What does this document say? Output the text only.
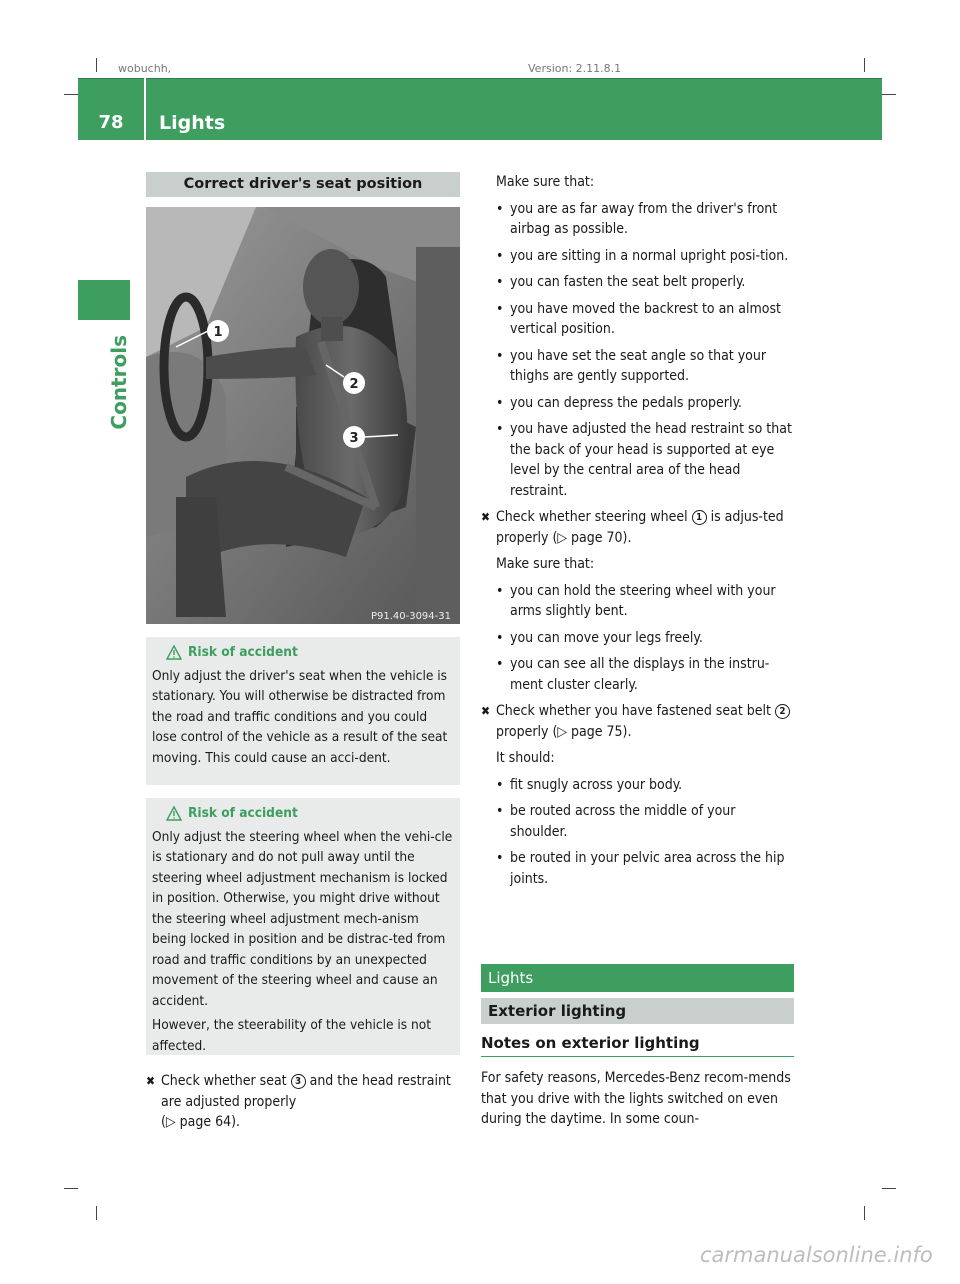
wobuchh,	Version: 2.11.8.1
78	Lights
Controls
Correct driver's seat position
1
2
3
P91.40-3094-31
Risk of accident

Only adjust the driver's seat when the vehicle is stationary. You will otherwise be distracted from the road and traffic conditions and you could lose control of the vehicle as a result of the seat moving. This could cause an acci-dent.

Risk of accident

Only adjust the steering wheel when the vehi-cle is stationary and do not pull away until the steering wheel adjustment mechanism is locked in position. Otherwise, you might drive without the steering wheel adjustment mech-anism being locked in position and be distrac-ted from road and traffic conditions by an unexpected movement of the steering wheel and cause an accident.

However, the steerability of the vehicle is not affected.

✖ Check whether seat 3 and the head restraint are adjusted properly
(▷ page 64).
Make sure that:
• you are as far away from the driver's front airbag as possible.
• you are sitting in a normal upright posi-tion.
• you can fasten the seat belt properly.
• you have moved the backrest to an almost vertical position.
• you have set the seat angle so that your thighs are gently supported.
• you can depress the pedals properly.
• you have adjusted the head restraint so that the back of your head is supported at eye level by the central area of the head restraint.
✖ Check whether steering wheel 1 is adjus-ted properly (▷ page 70).
Make sure that:
• you can hold the steering wheel with your arms slightly bent.
• you can move your legs freely.
• you can see all the displays in the instru-ment cluster clearly.
✖ Check whether you have fastened seat belt 2 properly (▷ page 75).
It should:
• fit snugly across your body.
• be routed across the middle of your shoulder.
• be routed in your pelvic area across the hip joints.
Lights
Exterior lighting
Notes on exterior lighting
For safety reasons, Mercedes-Benz recom-mends that you drive with the lights switched on even during the daytime. In some coun-
carmanualsonline.info
